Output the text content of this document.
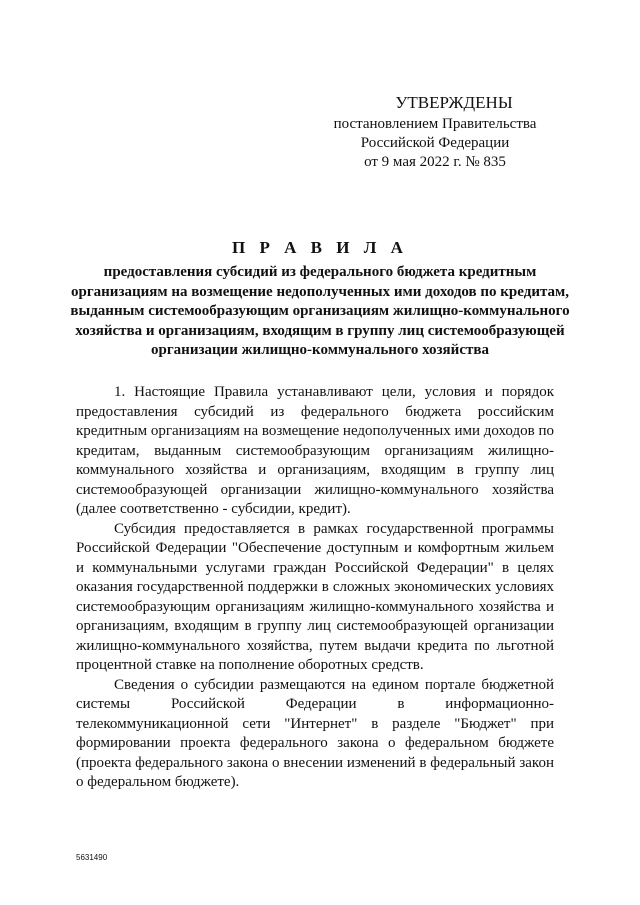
УТВЕРЖДЕНЫ
постановлением Правительства
Российской Федерации
от 9 мая 2022 г. № 835
П Р А В И Л А
предоставления субсидий из федерального бюджета кредитным организациям на возмещение недополученных ими доходов по кредитам, выданным системообразующим организациям жилищно-коммунального хозяйства и организациям, входящим в группу лиц системообразующей организации жилищно-коммунального хозяйства

1. Настоящие Правила устанавливают цели, условия и порядок предоставления субсидий из федерального бюджета российским кредитным организациям на возмещение недополученных ими доходов по кредитам, выданным системообразующим организациям жилищно-коммунального хозяйства и организациям, входящим в группу лиц системообразующей организации жилищно-коммунального хозяйства (далее соответственно - субсидии, кредит).

Субсидия предоставляется в рамках государственной программы Российской Федерации "Обеспечение доступным и комфортным жильем и коммунальными услугами граждан Российской Федерации" в целях оказания государственной поддержки в сложных экономических условиях системообразующим организациям жилищно-коммунального хозяйства и организациям, входящим в группу лиц системообразующей организации жилищно-коммунального хозяйства, путем выдачи кредита по льготной процентной ставке на пополнение оборотных средств.

Сведения о субсидии размещаются на едином портале бюджетной системы Российской Федерации в информационно-телекоммуникационной сети "Интернет" в разделе "Бюджет" при формировании проекта федерального закона о федеральном бюджете (проекта федерального закона о внесении изменений в федеральный закон о федеральном бюджете).

5631490
